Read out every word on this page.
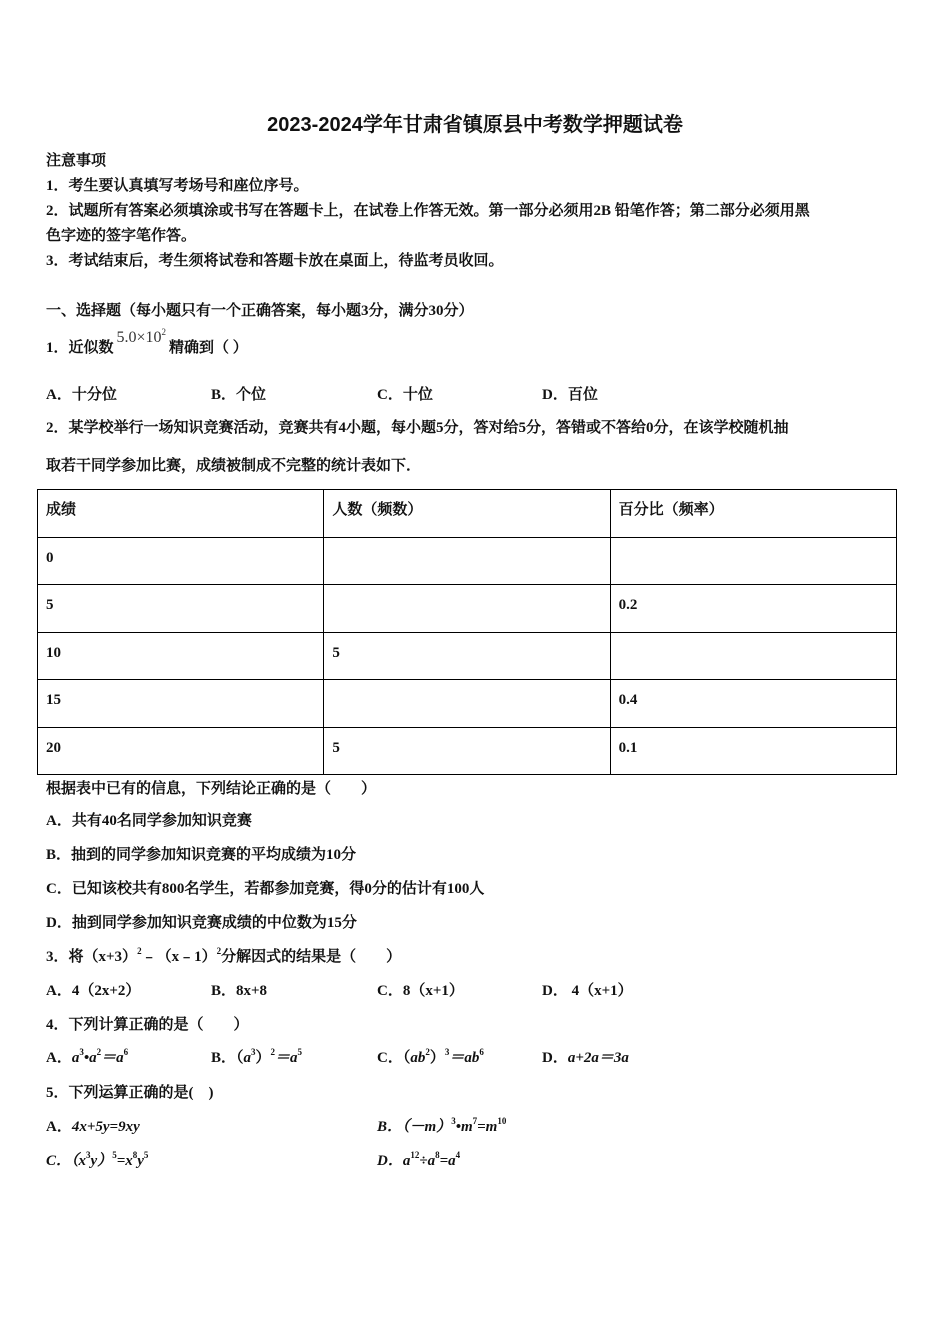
2023-2024学年甘肃省镇原县中考数学押题试卷
注意事项
1．考生要认真填写考场号和座位序号。
2．试题所有答案必须填涂或书写在答题卡上，在试卷上作答无效。第一部分必须用2B 铅笔作答；第二部分必须用黑
色字迹的签字笔作答。
3．考试结束后，考生须将试卷和答题卡放在桌面上，待监考员收回。
一、选择题（每小题只有一个正确答案，每小题3分，满分30分）
1．近似数$5.0\times 10^2$精确到（ ）
A．十分位	B．个位	C．十位	D．百位
2．某学校举行一场知识竞赛活动，竞赛共有4小题，每小题5分，答对给5分，答错或不答给0分，在该学校随机抽
取若干同学参加比赛，成绩被制成不完整的统计表如下．
成绩	人数（频数）	百分比（频率）
0		
5		0.2
10	5	
15		0.4
20	5	0.1
根据表中已有的信息，下列结论正确的是（　　）
A．共有40名同学参加知识竞赛
B．抽到的同学参加知识竞赛的平均成绩为10分
C．已知该校共有800名学生，若都参加竞赛，得0分的估计有100人
D．抽到同学参加知识竞赛成绩的中位数为15分
3．将$(x+3)^2﹣(x﹣1)^2$分解因式的结果是（　　）
A．4（2x+2）	B．8x+8	C．8（x+1）	D． 4（x+1）
4．下列计算正确的是（　　）
A．$a^3•a^2=a^6$	B．$(a^3)^2=a^5$	C．$(ab^2)^3=ab^6$	D．a+2a＝3a
5．下列运算正确的是(　)
A．4x+5y=9xy	B．$(-m)^3•m^7=m^{10}$
C．$(x^3y)^5=x^8y^5$	D．$a^{12}\div a^8=a^4$
